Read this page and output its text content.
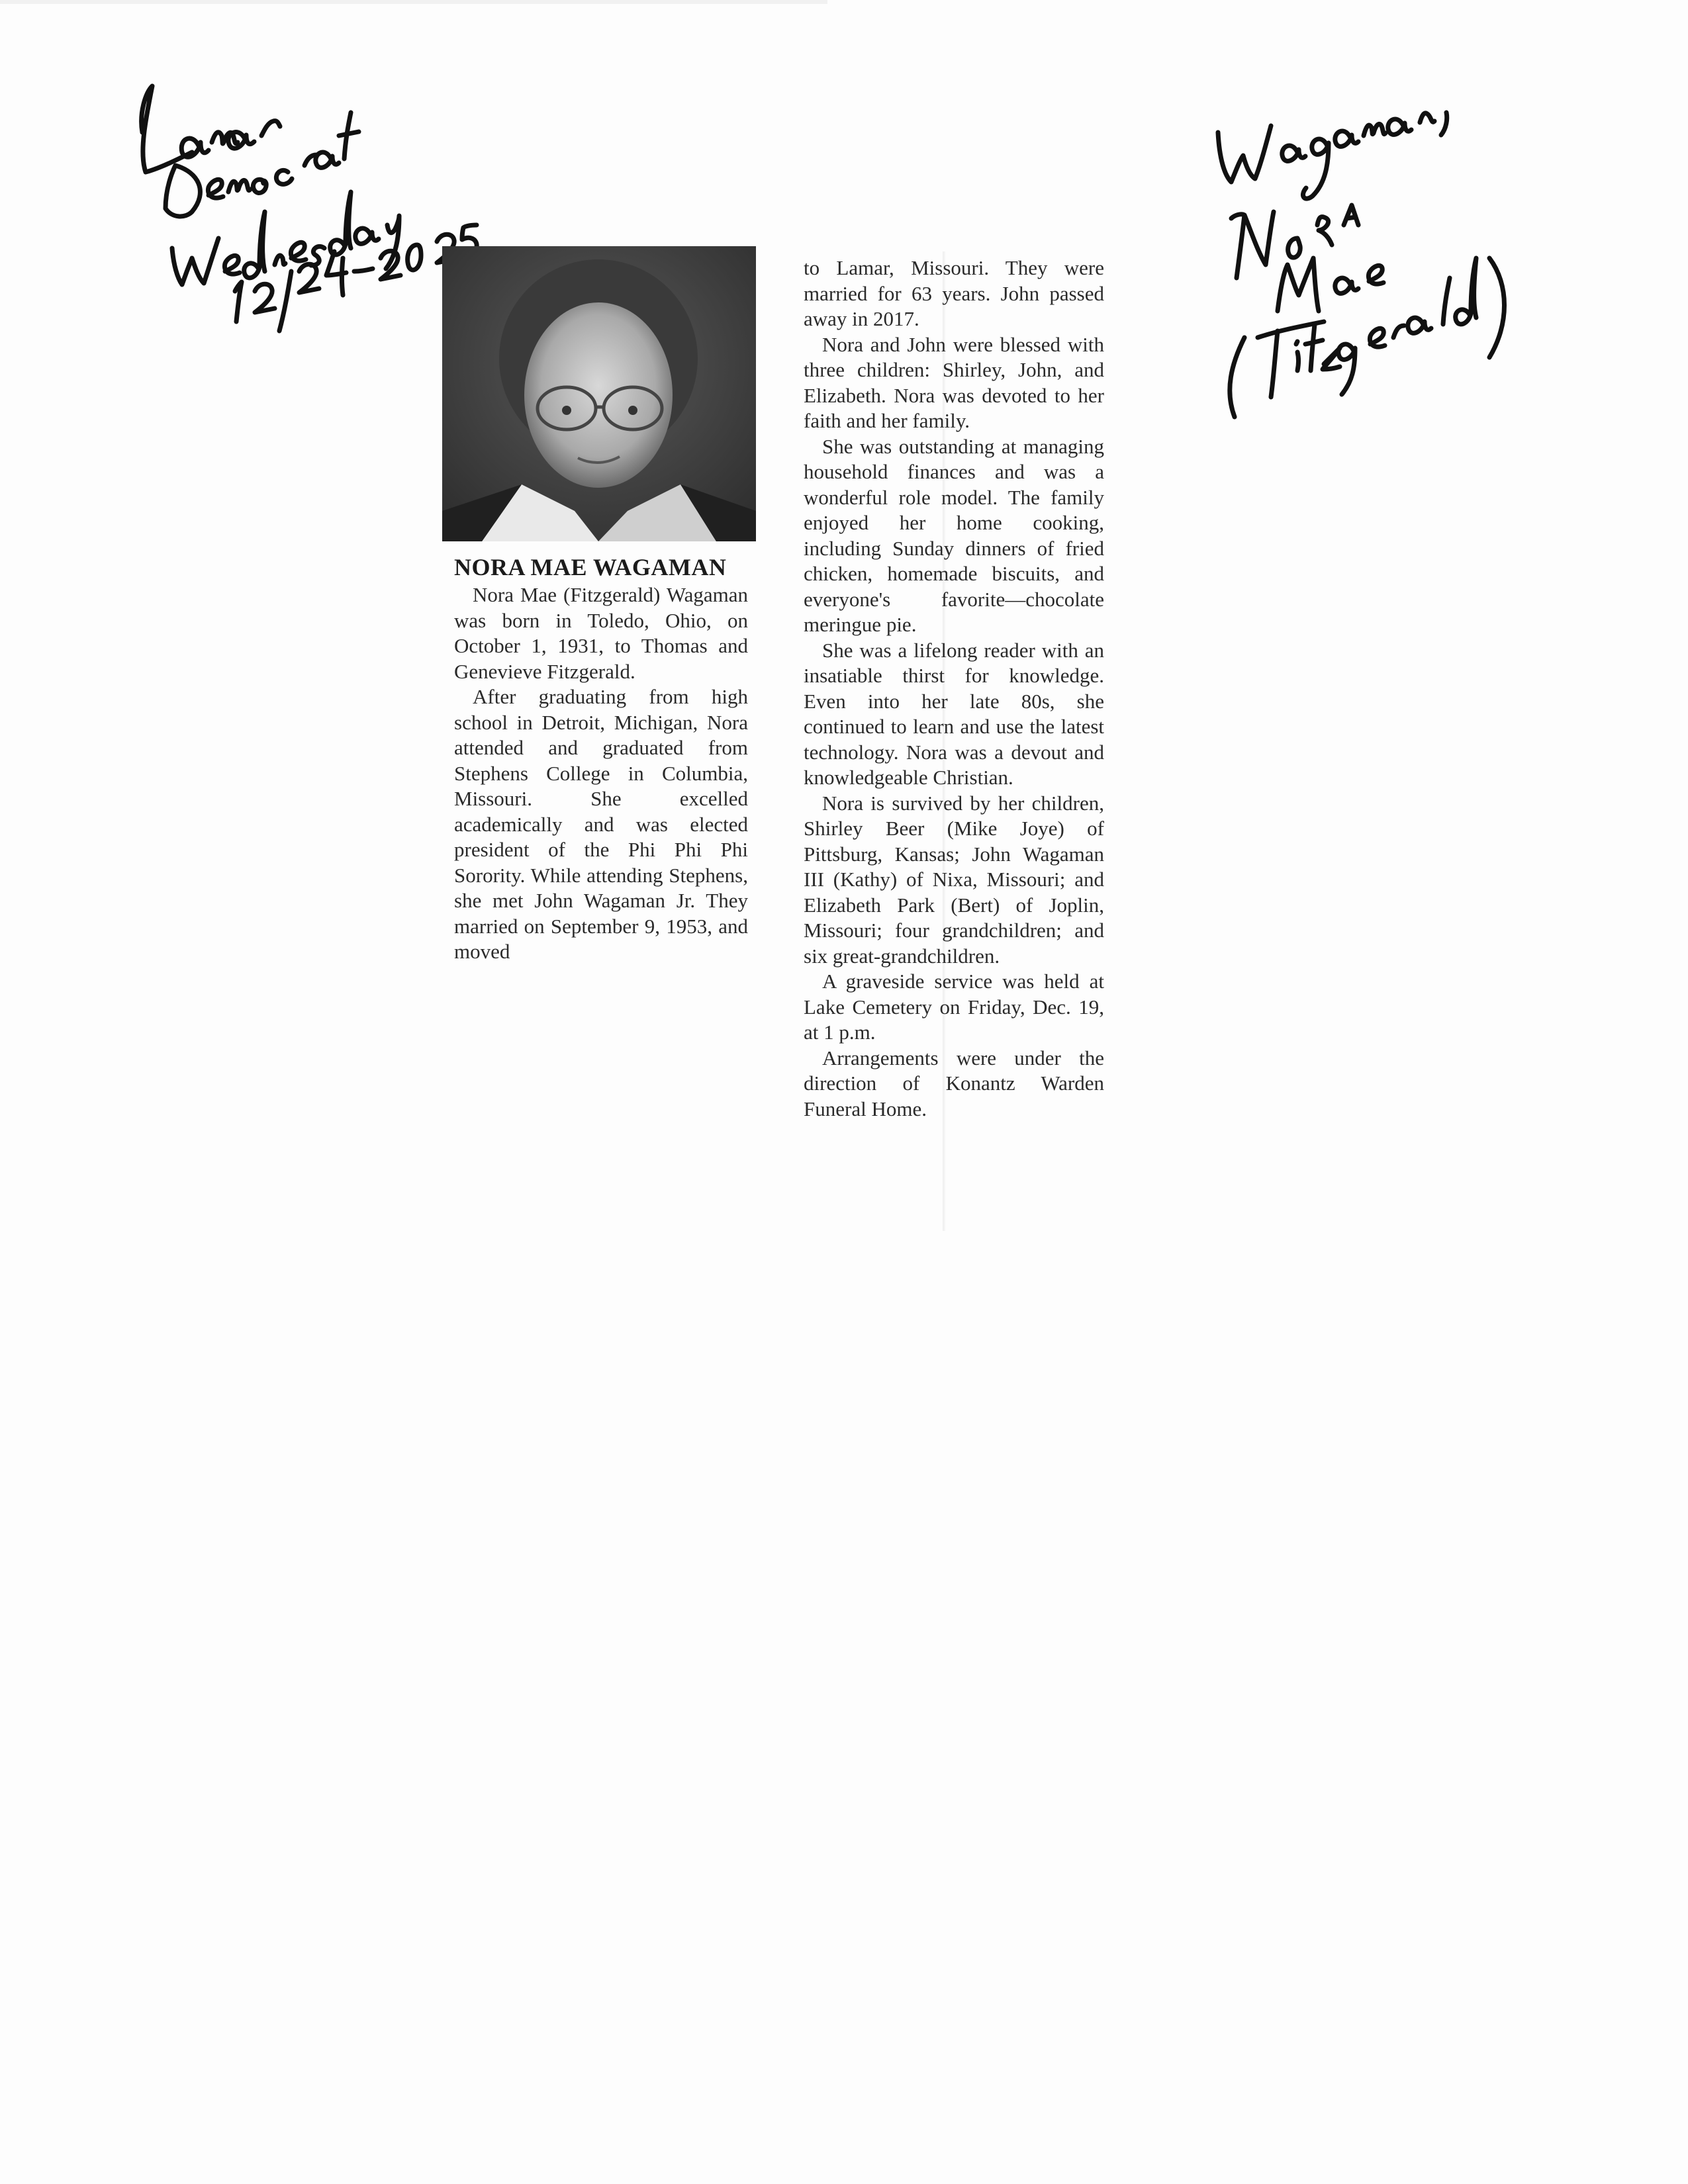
NORA MAE WAGAMAN

Nora Mae (Fitzgerald) Wagaman was born in Toledo, Ohio, on October 1, 1931, to Thomas and Genevieve Fitzgerald.

After graduating from high school in Detroit, Michigan, Nora attended and graduated from Stephens College in Columbia, Missouri. She excelled academically and was elected president of the Phi Phi Phi Sorority. While attending Stephens, she met John Wagaman Jr. They married on September 9, 1953, and moved

to Lamar, Missouri. They were married for 63 years. John passed away in 2017.

Nora and John were blessed with three children: Shirley, John, and Elizabeth. Nora was devoted to her faith and her family.

She was outstanding at managing household finances and was a wonderful role model. The family enjoyed her home cooking, including Sunday dinners of fried chicken, homemade biscuits, and everyone's favorite—chocolate meringue pie.

She was a lifelong reader with an insatiable thirst for knowledge. Even into her late 80s, she continued to learn and use the latest technology. Nora was a devout and knowledgeable Christian.

Nora is survived by her children, Shirley Beer (Mike Joye) of Pittsburg, Kansas; John Wagaman III (Kathy) of Nixa, Missouri; and Elizabeth Park (Bert) of Joplin, Missouri; four grandchildren; and six great-grandchildren.

A graveside service was held at Lake Cemetery on Friday, Dec. 19, at 1 p.m.

Arrangements were under the direction of Konantz Warden Funeral Home.
